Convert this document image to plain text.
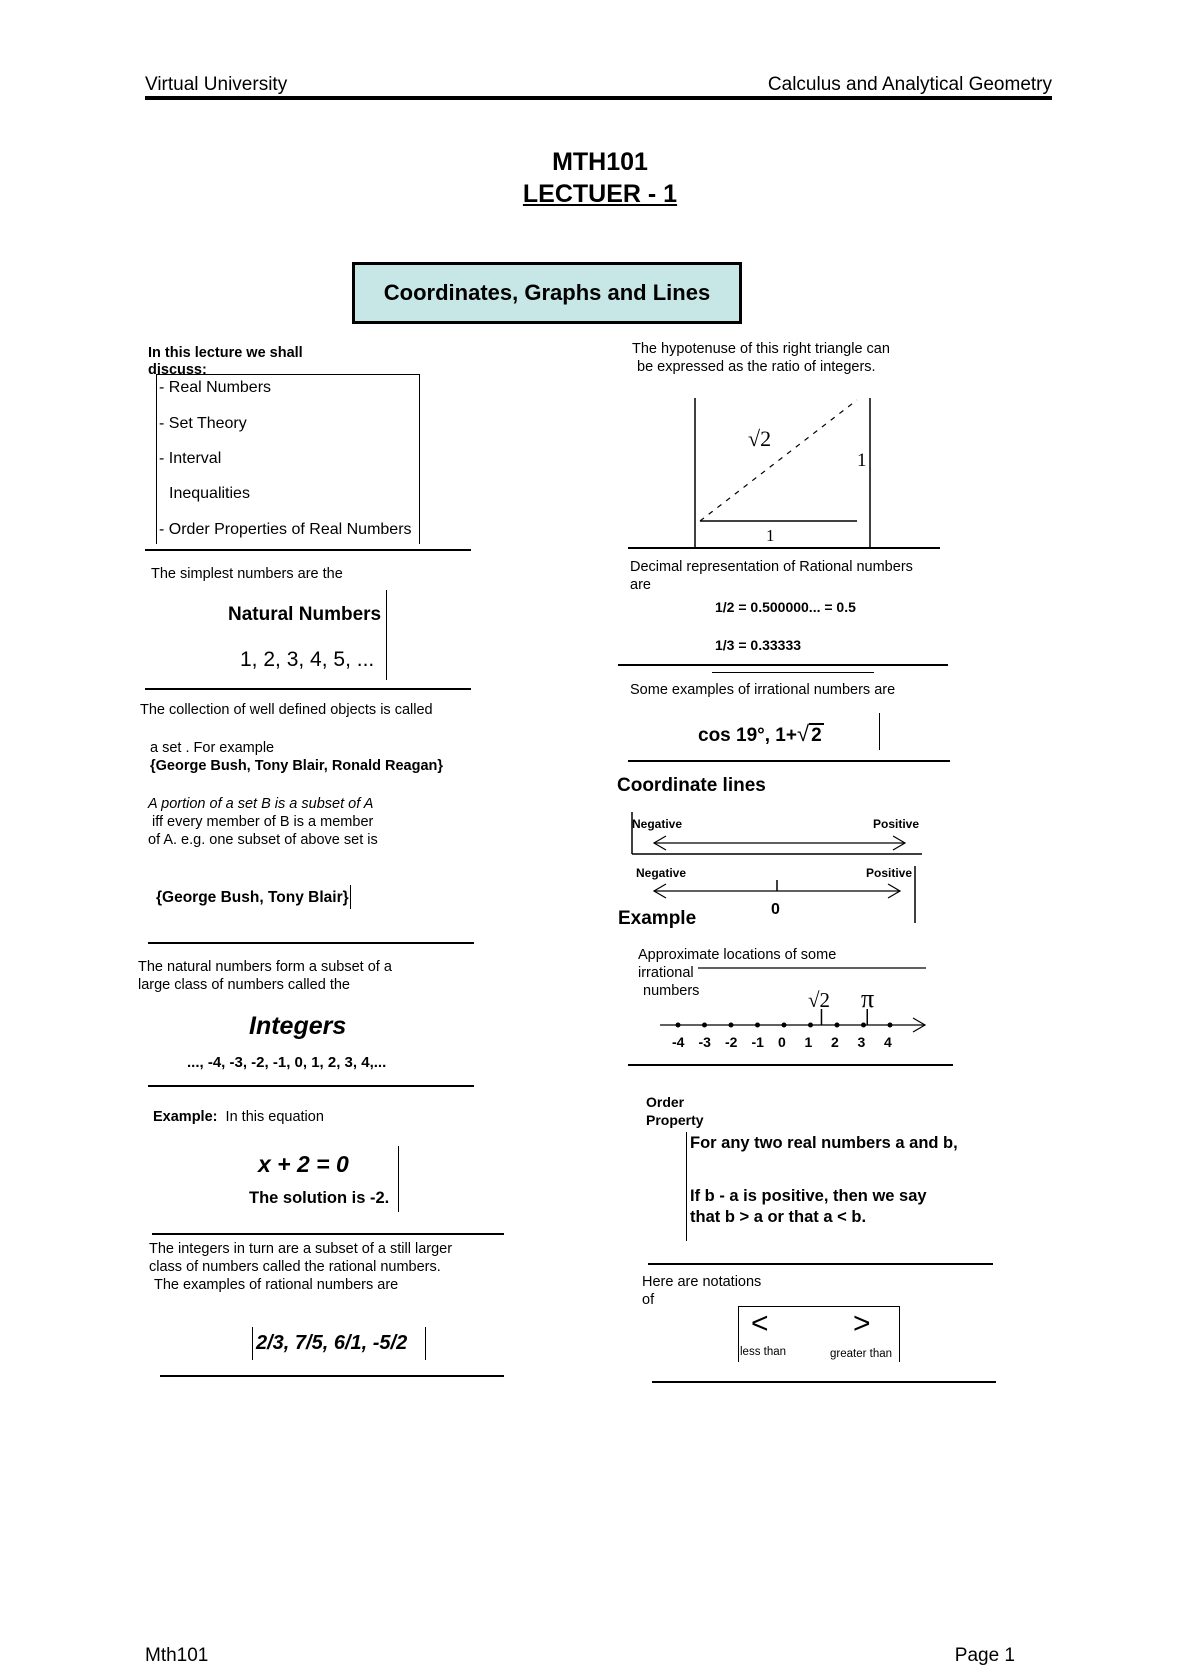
Virtual University	Calculus and Analytical Geometry
MTH101
LECTUER - 1
Coordinates, Graphs and Lines
In this lecture we shall discuss:
- Real Numbers
- Set Theory
- Interval
Inequalities
- Order Properties of Real Numbers
The simplest numbers are the
Natural Numbers
1, 2, 3, 4, 5, ...
The collection of well defined objects is called
a set . For example
{George Bush, Tony Blair, Ronald Reagan}
A portion of a set B is a subset of A
iff every member of B is a member
of A. e.g. one subset of above set is
{George Bush, Tony Blair}
The natural numbers form a subset of a
large class of numbers called the
Integers
..., -4, -3, -2, -1, 0, 1, 2, 3, 4,...
Example: In this equation
x + 2 = 0
The solution is -2.
The integers in turn are a subset of a still larger
class of numbers called the rational numbers.
The examples of rational numbers are
2/3, 7/5, 6/1, -5/2
The hypotenuse of this right triangle can
be expressed as the ratio of integers.
√2
1
1
Decimal representation of Rational numbers
are
1/2 = 0.500000... = 0.5
1/3 = 0.33333
Some examples of irrational numbers are
cos 19°, 1+√ 2
Coordinate lines
Negative	Positive
Negative	Positive
0
Example
Approximate locations of some
irrational
numbers	√2 π
-4 -3 -2 -1 0 1 2 3 4
Order
Property
For any two real numbers a and b,
If b - a is positive, then we say
that b > a or that a < b.
Here are notations
of
<
less than
>
greater than
Mth101	Page 1
